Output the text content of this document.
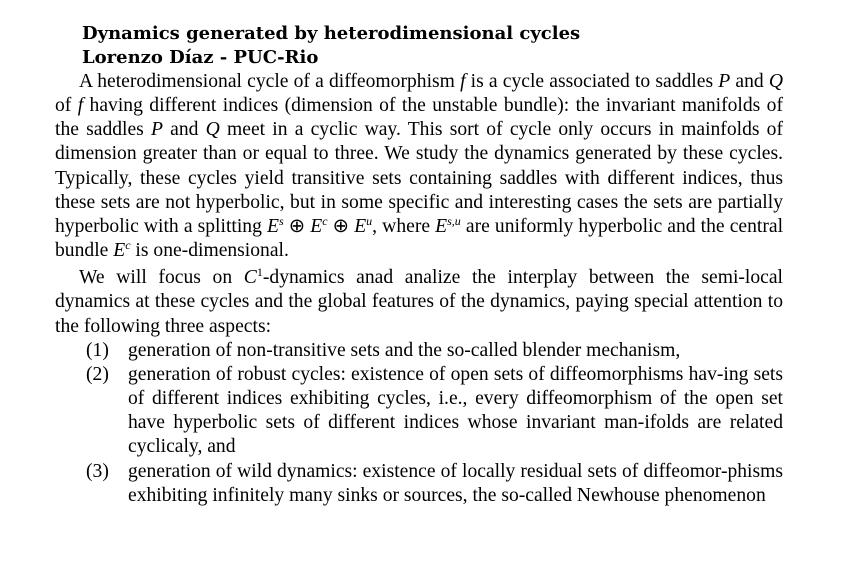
Dynamics generated by heterodimensional cycles
Lorenzo Díaz - PUC-Rio

A heterodimensional cycle of a diffeomorphism f is a cycle associated to saddles P and Q of f having different indices (dimension of the unstable bundle): the invariant manifolds of the saddles P and Q meet in a cyclic way. This sort of cycle only occurs in mainfolds of dimension greater than or equal to three. We study the dynamics generated by these cycles. Typically, these cycles yield transitive sets containing saddles with different indices, thus these sets are not hyperbolic, but in some specific and interesting cases the sets are partially hyperbolic with a splitting $E^s$ ⊕ $E^c$ ⊕ $E^u$, where E$^{s,u}$ are uniformly hyperbolic and the central bundle $E^c$ is one-dimensional.

We will focus on $C^1$-dynamics anad analize the interplay between the semi-local dynamics at these cycles and the global features of the dynamics, paying special attention to the following three aspects:

(1) generation of non-transitive sets and the so-called blender mechanism,
(2) generation of robust cycles: existence of open sets of diffeomorphisms hav-ing sets of different indices exhibiting cycles, i.e., every diffeomorphism of the open set have hyperbolic sets of different indices whose invariant man-ifolds are related cyclicaly, and
(3) generation of wild dynamics: existence of locally residual sets of diffeomor-phisms exhibiting infinitely many sinks or sources, the so-called Newhouse phenomenon
